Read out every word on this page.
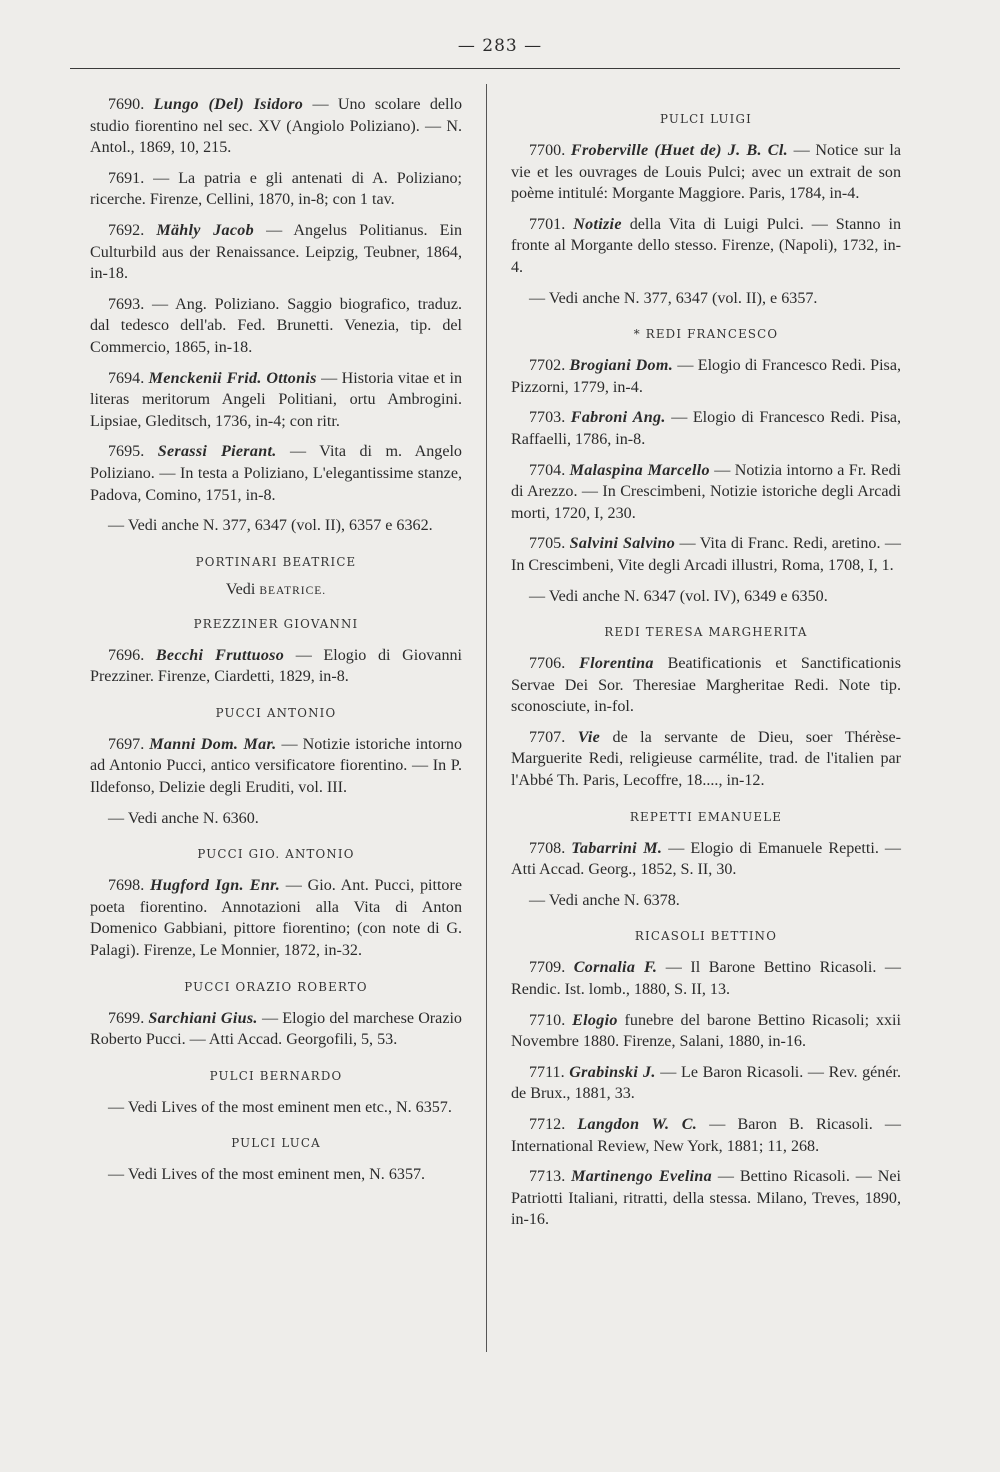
— 283 —

7690. Lungo (Del) Isidoro — Uno scolare dello studio fiorentino nel sec. XV (Angiolo Poliziano). — N. Antol., 1869, 10, 215.

7691. — La patria e gli antenati di A. Poliziano; ricerche. Firenze, Cellini, 1870, in-8; con 1 tav.

7692. Mähly Jacob — Angelus Politianus. Ein Culturbild aus der Renaissance. Leipzig, Teubner, 1864, in-18.

7693. — Ang. Poliziano. Saggio biografico, traduz. dal tedesco dell'ab. Fed. Brunetti. Venezia, tip. del Commercio, 1865, in-18.

7694. Menckenii Frid. Ottonis — Historia vitae et in literas meritorum Angeli Politiani, ortu Ambrogini. Lipsiae, Gleditsch, 1736, in-4; con ritr.

7695. Serassi Pierant. — Vita di m. Angelo Poliziano. — In testa a Poliziano, L'elegantissime stanze, Padova, Comino, 1751, in-8.

— Vedi anche N. 377, 6347 (vol. II), 6357 e 6362.

PORTINARI BEATRICE
Vedi BEATRICE.
PREZZINER GIOVANNI

7696. Becchi Fruttuoso — Elogio di Giovanni Prezziner. Firenze, Ciardetti, 1829, in-8.

PUCCI ANTONIO

7697. Manni Dom. Mar. — Notizie istoriche intorno ad Antonio Pucci, antico versificatore fiorentino. — In P. Ildefonso, Delizie degli Eruditi, vol. III.

— Vedi anche N. 6360.

PUCCI GIO. ANTONIO

7698. Hugford Ign. Enr. — Gio. Ant. Pucci, pittore poeta fiorentino. Annotazioni alla Vita di Anton Domenico Gabbiani, pittore fiorentino; (con note di G. Palagi). Firenze, Le Monnier, 1872, in-32.

PUCCI ORAZIO ROBERTO

7699. Sarchiani Gius. — Elogio del marchese Orazio Roberto Pucci. — Atti Accad. Georgofili, 5, 53.

PULCI BERNARDO

— Vedi Lives of the most eminent men etc., N. 6357.

PULCI LUCA

— Vedi Lives of the most eminent men, N. 6357.

PULCI LUIGI

7700. Froberville (Huet de) J. B. Cl. — Notice sur la vie et les ouvrages de Louis Pulci; avec un extrait de son poème intitulé: Morgante Maggiore. Paris, 1784, in-4.

7701. Notizie della Vita di Luigi Pulci. — Stanno in fronte al Morgante dello stesso. Firenze, (Napoli), 1732, in-4.

— Vedi anche N. 377, 6347 (vol. II), e 6357.

* REDI FRANCESCO

7702. Brogiani Dom. — Elogio di Francesco Redi. Pisa, Pizzorni, 1779, in-4.

7703. Fabroni Ang. — Elogio di Francesco Redi. Pisa, Raffaelli, 1786, in-8.

7704. Malaspina Marcello — Notizia intorno a Fr. Redi di Arezzo. — In Crescimbeni, Notizie istoriche degli Arcadi morti, 1720, I, 230.

7705. Salvini Salvino — Vita di Franc. Redi, aretino. — In Crescimbeni, Vite degli Arcadi illustri, Roma, 1708, I, 1.

— Vedi anche N. 6347 (vol. IV), 6349 e 6350.

REDI TERESA MARGHERITA

7706. Florentina Beatificationis et Sanctificationis Servae Dei Sor. Theresiae Margheritae Redi. Note tip. sconosciute, in-fol.

7707. Vie de la servante de Dieu, soer Thérèse-Marguerite Redi, religieuse carmélite, trad. de l'italien par l'Abbé Th. Paris, Lecoffre, 18...., in-12.

REPETTI EMANUELE

7708. Tabarrini M. — Elogio di Emanuele Repetti. — Atti Accad. Georg., 1852, S. II, 30.

— Vedi anche N. 6378.

RICASOLI BETTINO

7709. Cornalia F. — Il Barone Bettino Ricasoli. — Rendic. Ist. lomb., 1880, S. II, 13.

7710. Elogio funebre del barone Bettino Ricasoli; xxii Novembre 1880. Firenze, Salani, 1880, in-16.

7711. Grabinski J. — Le Baron Ricasoli. — Rev. génér. de Brux., 1881, 33.

7712. Langdon W. C. — Baron B. Ricasoli. — International Review, New York, 1881; 11, 268.

7713. Martinengo Evelina — Bettino Ricasoli. — Nei Patriotti Italiani, ritratti, della stessa. Milano, Treves, 1890, in-16.
